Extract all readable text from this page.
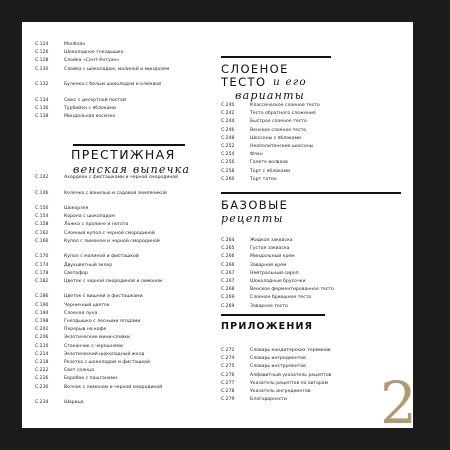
С.124	Монблан
С.126	Шоколадное гнездышко
С.128	Слойка «Сент-Антуан»
С.130	Слойка с шоколадом, малиной и миндалем
С.132	Булочка с белым шоколадом и клюквой
С.134	Сюкс с десертной постой
С.136	Турбийон с яблоками
С.138	Миндальная косичка
ПРЕСТИЖНАЯ
венская выпечка
С.142	Ахордеон с фисташками и черной смородиной
С.146	Колечко с ванилью и садовой земляникой
С.150	Шокорзея
С.154	Корона с шоколадом
С.158	Ложка с пралине и ногата
С.162	Слоеный купол с черной смородиной
С.166	Купол с лимоном и черной смородиной
С.170	Купол с малиной и фисташкой
С.174	Двухцветный эклер
С.178	Светофор
С.182	Цветок с черной смородиной и лимоном
С.186	Цветок с вишней и фисташками
С.190	Черничный цветок
С.194	Слоеная луна
С.198	Гнездышко с лесными ягодами
С.202	Перерыв на кофе
С.206	Экзотические мини-слойки
С.210	Стаканчик с черешнями
С.214	Экзотический шоколадный жезд
С.218	Розетка с шоколадом и фисташкой
С.222	Свет солнца
С.226	Боробок с пашганами
С.230	Волчок с лимоном и черной смородиной
С.234	Шарица
СЛОЕНОЕ
ТЕСТО и его
варианты
С.240	Классическое слоеное тесто
С.242	Тесто обратного сложения
С.244	Быстрое слоеное тесто
С.246	Венское слоеное тесто
С.248	Шоссоны с яблоками
С.252	Неаполитанские шоссоны
С.254	Флан
С.256	Галете волваов
С.258	Торт с яблоками
С.260	Торт татен
БАЗОВЫЕ
рецепты
С.264	Жидкая закваска
С.265	Густая закваска
С.266	Миндальный крем
С.266	Заварной крем
С.267	Нейтральный сироп
С.267	Шоколадные брусочки
С.268	Венское ферментированное тесто
С.269	Слоеное бриошное тесто
С.269	Заварное тесто
ПРИЛОЖЕНИЯ
С.272	Словарь кондитерских терминов
С.274	Словарь ингредиентов
С.275	Словарь инструментов
С.276	Алфавитный указатель рецептов
С.277	Указатель рецептов по авторам
С.278	Указатель ингредиентов
С.279	Благодарности	2
